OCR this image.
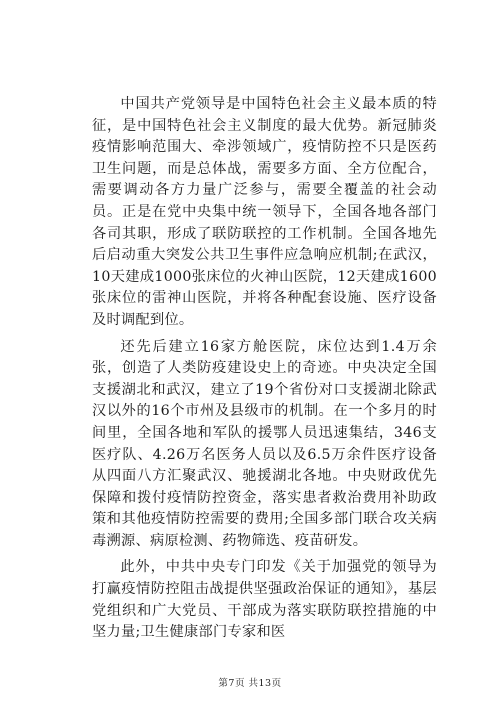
中国共产党领导是中国特色社会主义最本质的特征，是中国特色社会主义制度的最大优势。新冠肺炎疫情影响范围大、牵涉领域广，疫情防控不只是医药卫生问题，而是总体战，需要多方面、全方位配合，需要调动各方力量广泛参与，需要全覆盖的社会动员。正是在党中央集中统一领导下，全国各地各部门各司其职，形成了联防联控的工作机制。全国各地先后启动重大突发公共卫生事件应急响应机制;在武汉，10天建成1000张床位的火神山医院，12天建成1600张床位的雷神山医院，并将各种配套设施、医疗设备及时调配到位。

还先后建立16家方舱医院，床位达到1.4万余张，创造了人类防疫建设史上的奇迹。中央决定全国支援湖北和武汉，建立了19个省份对口支援湖北除武汉以外的16个市州及县级市的机制。在一个多月的时间里，全国各地和军队的援鄂人员迅速集结，346支医疗队、4.26万名医务人员以及6.5万余件医疗设备从四面八方汇聚武汉、驰援湖北各地。中央财政优先保障和拨付疫情防控资金，落实患者救治费用补助政策和其他疫情防控需要的费用;全国多部门联合攻关病毒溯源、病原检测、药物筛选、疫苗研发。

此外，中共中央专门印发《关于加强党的领导为打赢疫情防控阻击战提供坚强政治保证的通知》，基层党组织和广大党员、干部成为落实联防联控措施的中坚力量;卫生健康部门专家和医

第7页 共13页
